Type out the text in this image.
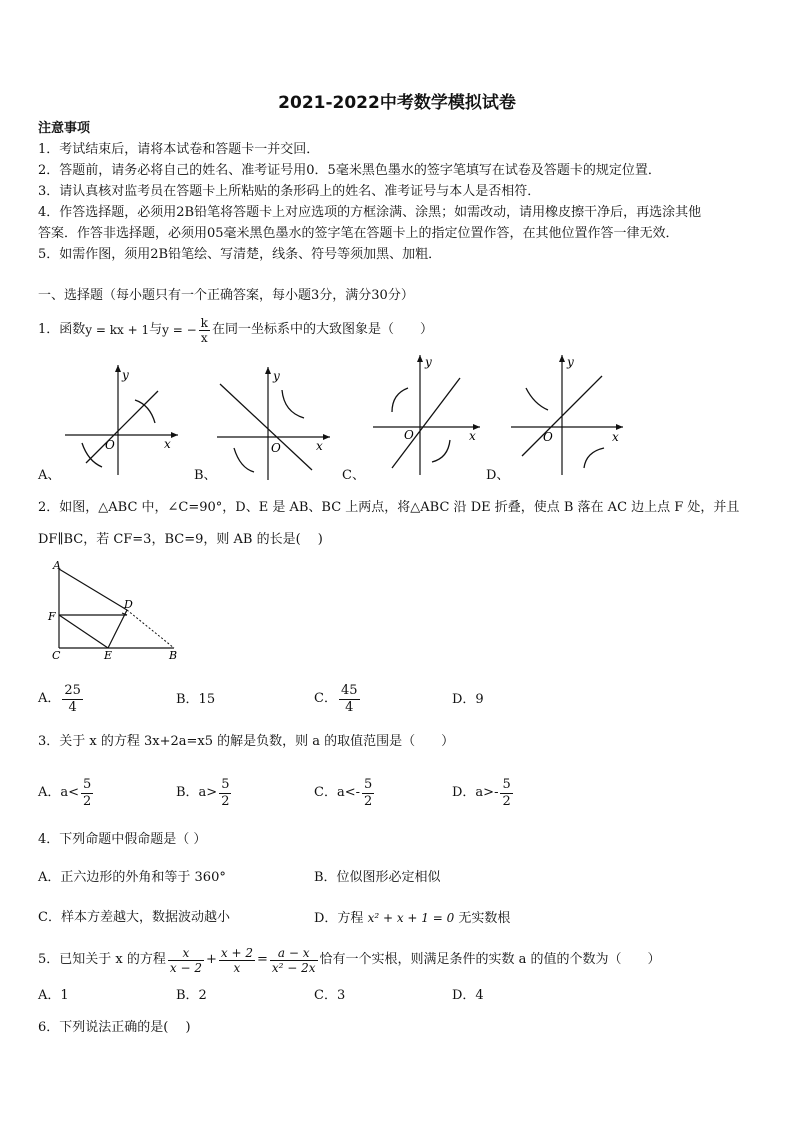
2021-2022中考数学模拟试卷
注意事项
1．考试结束后，请将本试卷和答题卡一并交回．
2．答题前，请务必将自己的姓名、准考证号用0．5毫米黑色墨水的签字笔填写在试卷及答题卡的规定位置．
3．请认真核对监考员在答题卡上所粘贴的条形码上的姓名、准考证号与本人是否相符．
4．作答选择题，必须用2B铅笔将答题卡上对应选项的方框涂满、涂黑；如需改动，请用橡皮擦干净后，再选涂其他
答案．作答非选择题，必须用05毫米黑色墨水的签字笔在答题卡上的指定位置作答，在其他位置作答一律无效．
5．如需作图，须用2B铅笔绘、写清楚，线条、符号等须加黑、加粗．
一、选择题（每小题只有一个正确答案，每小题3分，满分30分）
1．函数 y = kx + 1 与 y = − $\frac{k}{x}$ 在同一坐标系中的大致图象是（　　）
x
y
O
A、
x
y
O
B、
x
y
O
C、
x
y
O
D、
2．如图，△ABC 中，∠C=90°，D、E 是 AB、BC 上两点，将△ABC 沿 DE 折叠，使点 B 落在 AC 边上点 F 处，并且
DF∥BC，若 CF=3，BC=9，则 AB 的长是(　 )
A
F
C
D
E	B
A． $\frac{25}{4}$	B．15	C． $\frac{45}{4}$	D．9
3．关于 x 的方程 3x+2a=x5 的解是负数，则 a 的取值范围是（　　）
A．$a< \frac{5}{2}$	B．$a> \frac{5}{2}$	C．$a<- \frac{5}{2}$	D．$a>- \frac{5}{2}$
4．下列命题中假命题是（ ）
A．正六边形的外角和等于 360°	B．位似图形必定相似
C．样本方差越大，数据波动越小	D．方程 x² + x + 1 = 0 无实数根
5．已知关于 x 的方程 $\frac{x}{x - 2} + \frac{x + 2}{x} = \frac{a - x}{\text{x² − 2x}}$ 恰有一个实根，则满足条件的实数 a 的值的个数为（　　）
A．1	B．2	C．3	D．4
6．下列说法正确的是(　 )
